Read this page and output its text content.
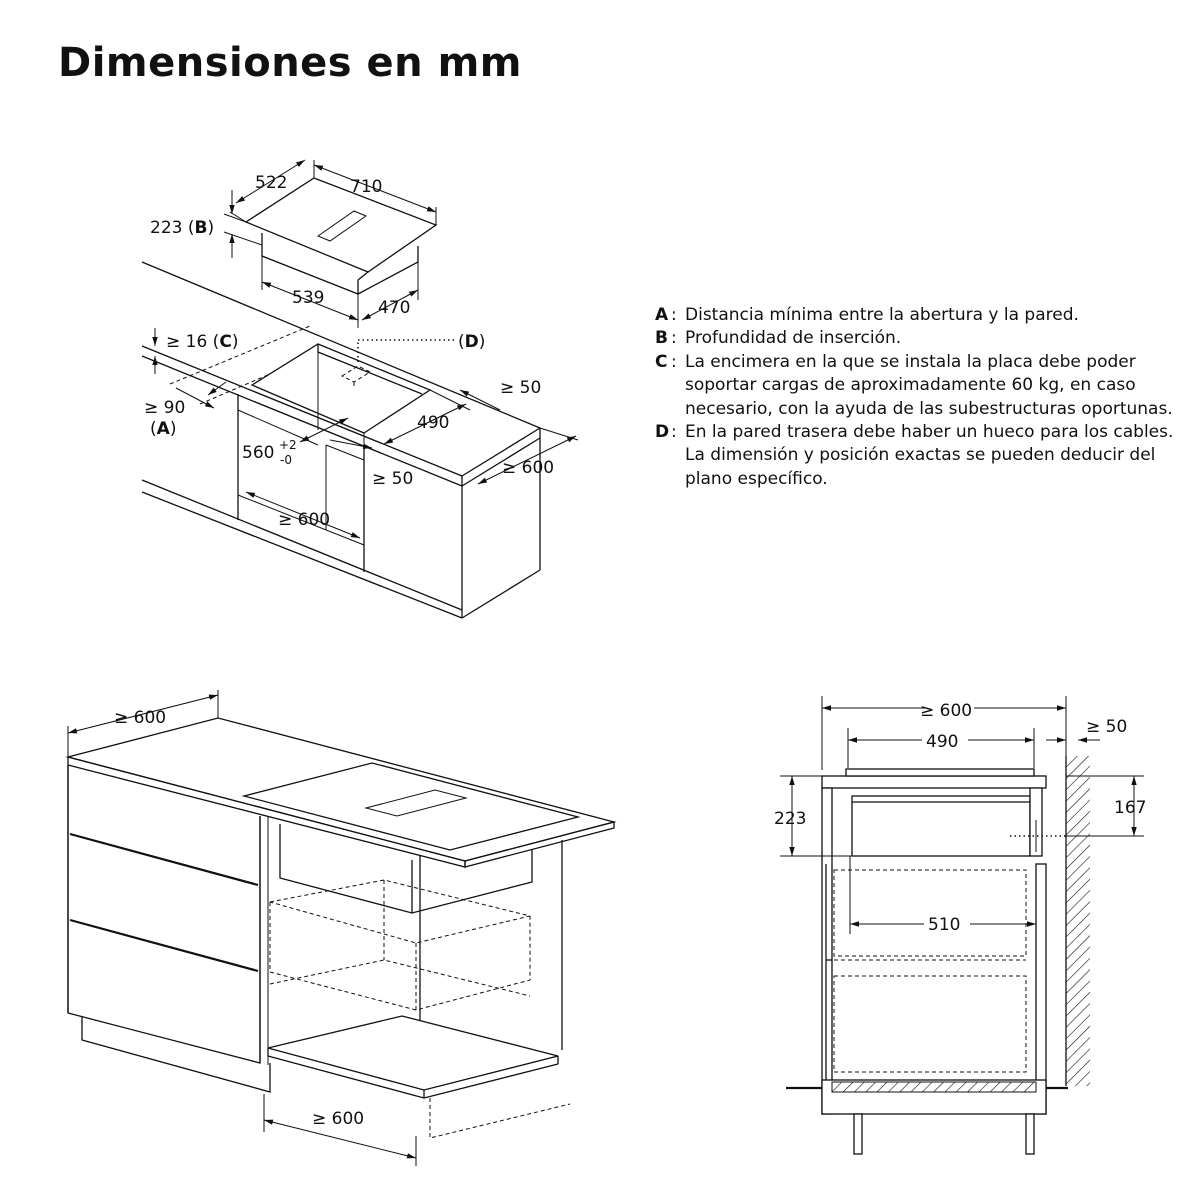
Dimensiones en mm
522	710
223 (B)
539	470
≥ 16 (C)	(D)
≥ 90
(A)
560 +2
-0
490
≥ 50
≥ 50
≥ 600
≥ 600
≥ 600
≥ 600
≥ 600
490
≥ 50
223
167
510
A : Distancia mínima entre la abertura y la pared.
B : Profundidad de inserción.
C : La encimera en la que se instala la placa debe poder soportar cargas de aproximadamente 60 kg, en caso necesario, con la ayuda de las subestructuras oportunas.
D : En la pared trasera debe haber un hueco para los cables. La dimensión y posición exactas se pueden deducir del plano específico.
